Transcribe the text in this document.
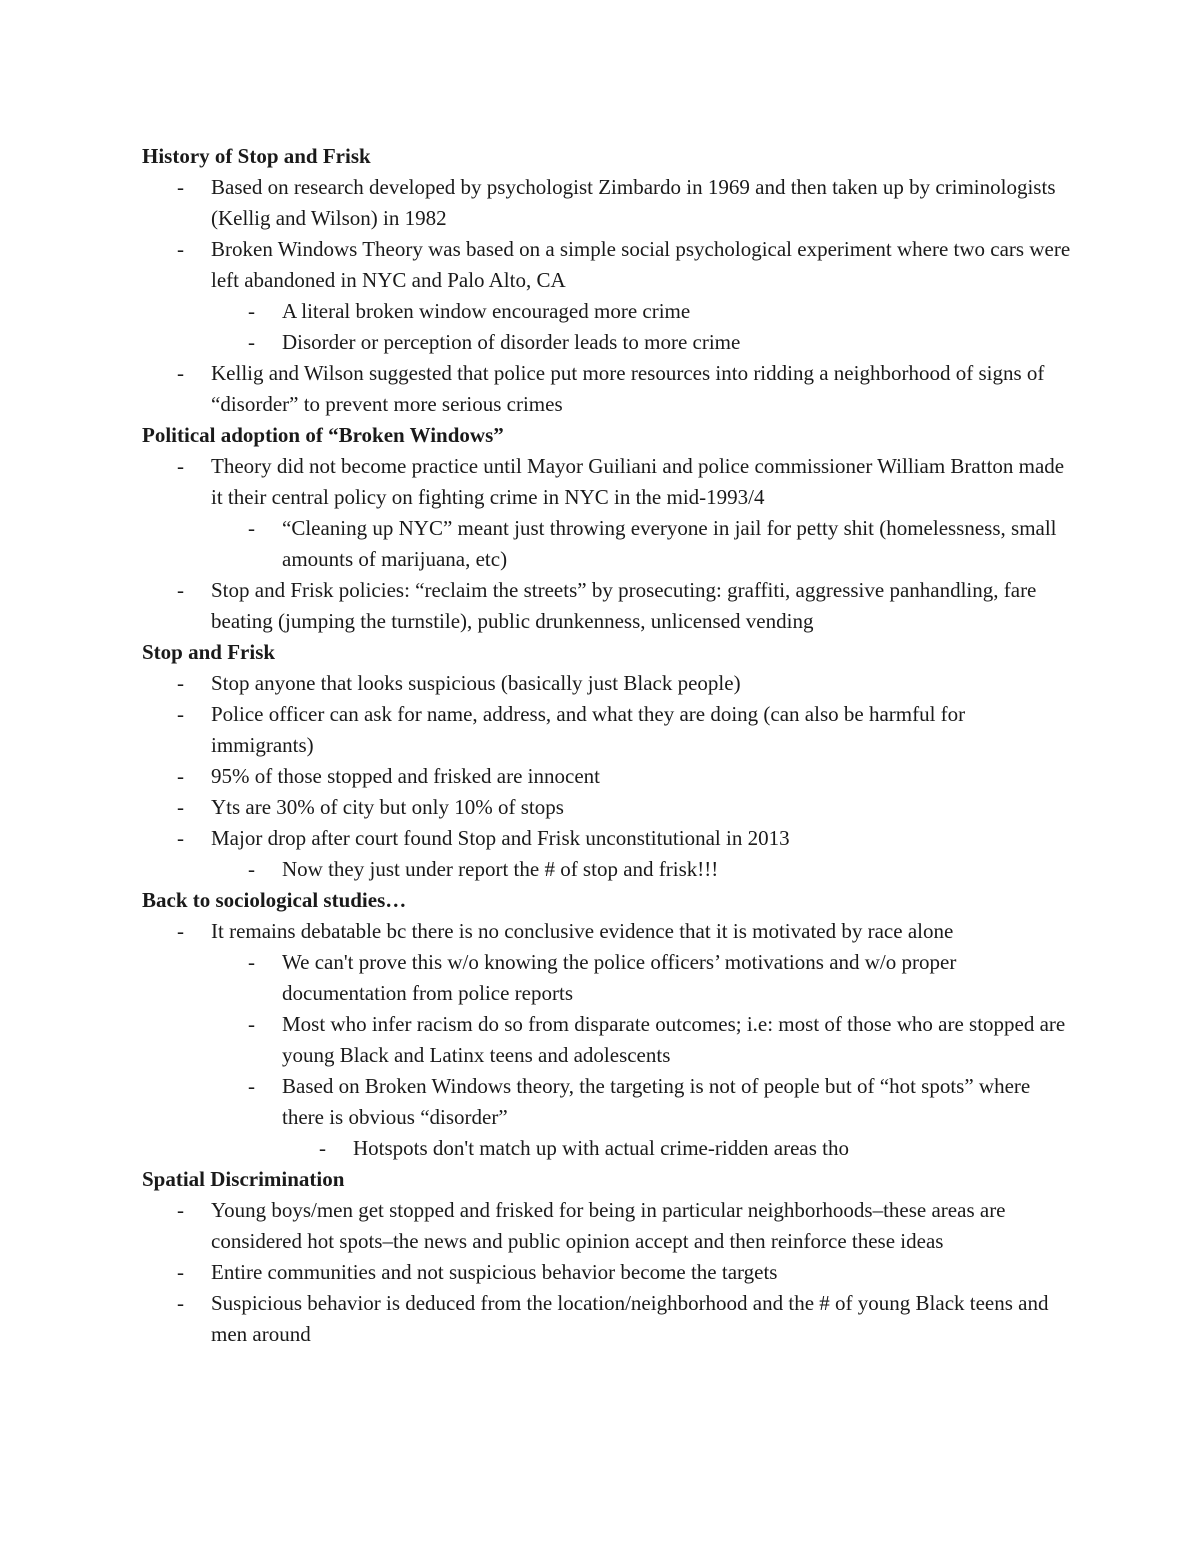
History of Stop and Frisk
- Based on research developed by psychologist Zimbardo in 1969 and then taken up by criminologists (Kellig and Wilson) in 1982
- Broken Windows Theory was based on a simple social psychological experiment where two cars were left abandoned in NYC and Palo Alto, CA
- A literal broken window encouraged more crime
- Disorder or perception of disorder leads to more crime
- Kellig and Wilson suggested that police put more resources into ridding a neighborhood of signs of “disorder” to prevent more serious crimes
Political adoption of “Broken Windows”
- Theory did not become practice until Mayor Guiliani and police commissioner William Bratton made it their central policy on fighting crime in NYC in the mid-1993/4
- “Cleaning up NYC” meant just throwing everyone in jail for petty shit (homelessness, small amounts of marijuana, etc)
- Stop and Frisk policies: “reclaim the streets” by prosecuting: graffiti, aggressive panhandling, fare beating (jumping the turnstile), public drunkenness, unlicensed vending
Stop and Frisk
- Stop anyone that looks suspicious (basically just Black people)
- Police officer can ask for name, address, and what they are doing (can also be harmful for immigrants)
- 95% of those stopped and frisked are innocent
- Yts are 30% of city but only 10% of stops
- Major drop after court found Stop and Frisk unconstitutional in 2013
- Now they just under report the # of stop and frisk!!!
Back to sociological studies…
- It remains debatable bc there is no conclusive evidence that it is motivated by race alone
- We can't prove this w/o knowing the police officers’ motivations and w/o proper documentation from police reports
- Most who infer racism do so from disparate outcomes; i.e: most of those who are stopped are young Black and Latinx teens and adolescents
- Based on Broken Windows theory, the targeting is not of people but of “hot spots” where there is obvious “disorder”
- Hotspots don't match up with actual crime-ridden areas tho
Spatial Discrimination
- Young boys/men get stopped and frisked for being in particular neighborhoods–these areas are considered hot spots–the news and public opinion accept and then reinforce these ideas
- Entire communities and not suspicious behavior become the targets
- Suspicious behavior is deduced from the location/neighborhood and the # of young Black teens and men around
